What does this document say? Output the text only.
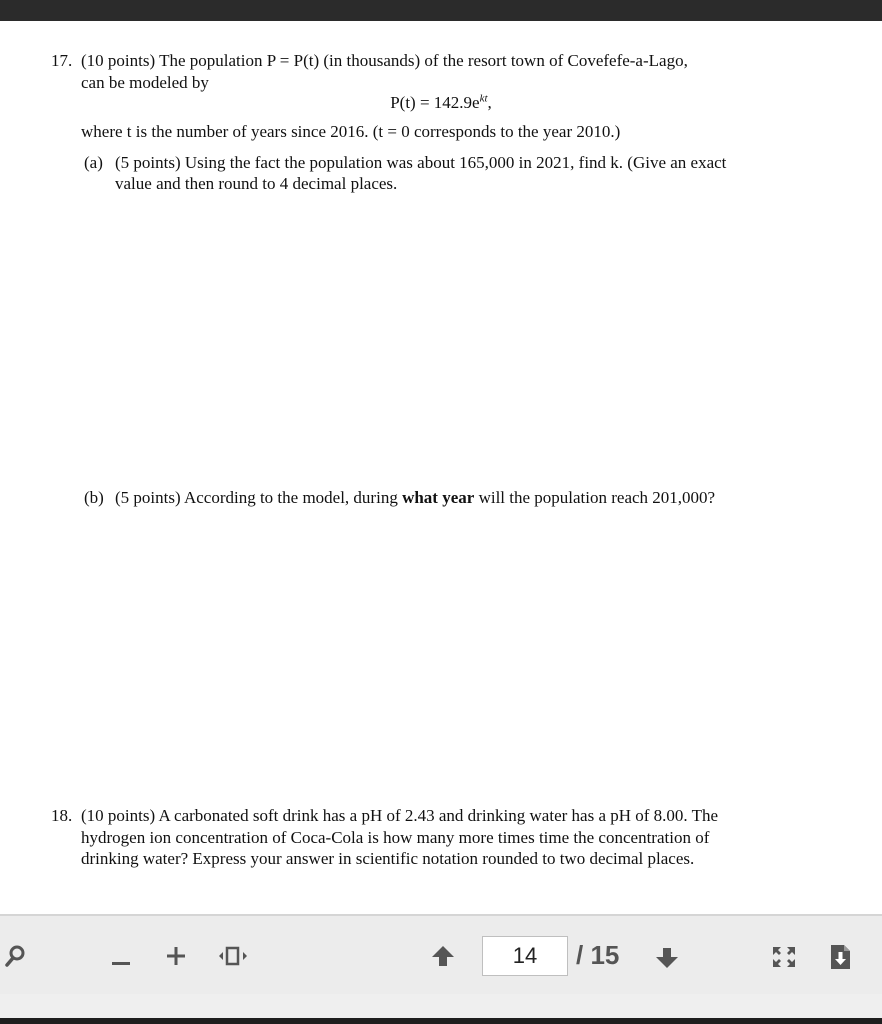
17. (10 points) The population P = P(t) (in thousands) of the resort town of Covefefe-a-Lago,
can be modeled by
$P(t) = 142.9e^{kt}$,
where t is the number of years since 2016. (t = 0 corresponds to the year 2010.)
(a) (5 points) Using the fact the population was about 165,000 in 2021, find k. (Give an exact
value and then round to 4 decimal places.
(b) (5 points) According to the model, during what year will the population reach 201,000?
18. (10 points) A carbonated soft drink has a pH of 2.43 and drinking water has a pH of 8.00. The
hydrogen ion concentration of Coca-Cola is how many more times time the concentration of
drinking water? Express your answer in scientific notation rounded to two decimal places.
14
/ 15
